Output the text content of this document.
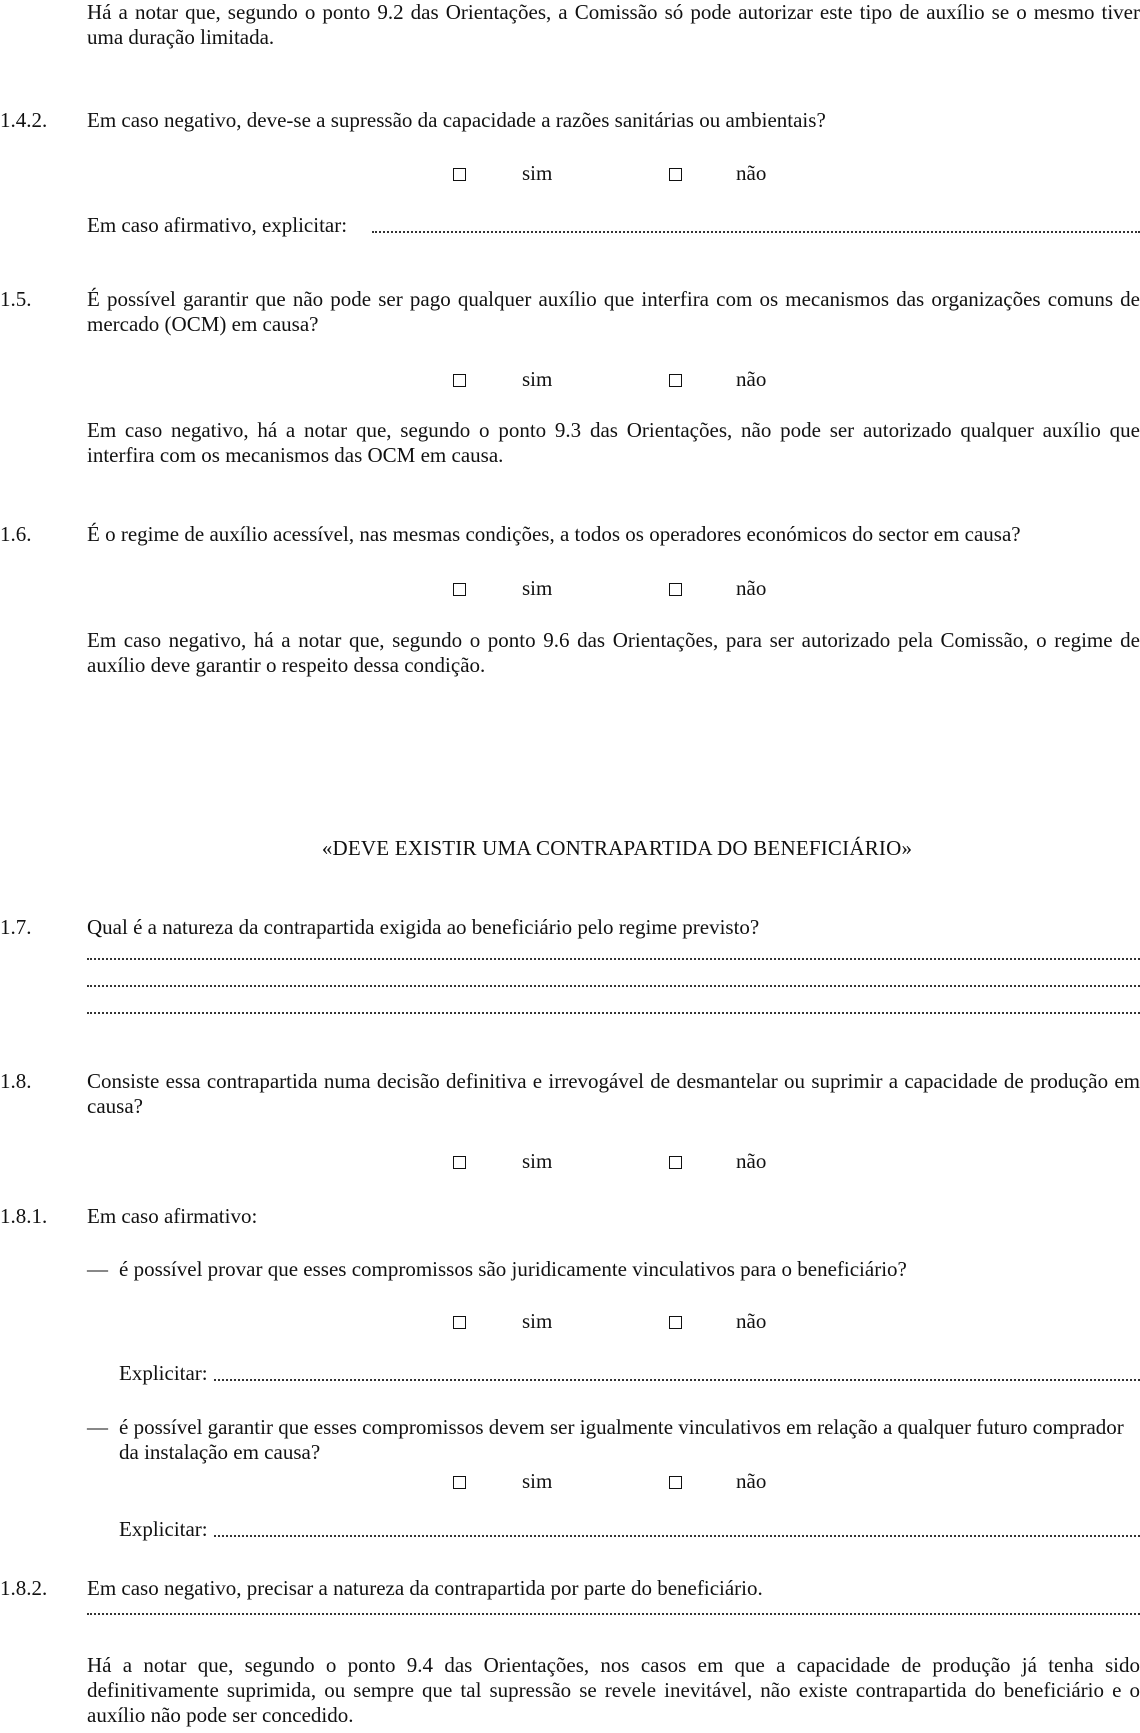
Há a notar que, segundo o ponto 9.2 das Orientações, a Comissão só pode autorizar este tipo de auxílio se o mesmo tiver uma duração limitada.
1.4.2. Em caso negativo, deve-se a supressão da capacidade a razões sanitárias ou ambientais?
sim	não
Em caso afirmativo, explicitar:
1.5.	É possível garantir que não pode ser pago qualquer auxílio que interfira com os mecanismos das organizações comuns de mercado (OCM) em causa?
sim	não
Em caso negativo, há a notar que, segundo o ponto 9.3 das Orientações, não pode ser autorizado qualquer auxílio que interfira com os mecanismos das OCM em causa.
1.6.	É o regime de auxílio acessível, nas mesmas condições, a todos os operadores económicos do sector em causa?
sim	não
Em caso negativo, há a notar que, segundo o ponto 9.6 das Orientações, para ser autorizado pela Comissão, o regime de auxílio deve garantir o respeito dessa condição.
«DEVE EXISTIR UMA CONTRAPARTIDA DO BENEFICIÁRIO»
1.7.	Qual é a natureza da contrapartida exigida ao beneficiário pelo regime previsto?
1.8.	Consiste essa contrapartida numa decisão definitiva e irrevogável de desmantelar ou suprimir a capacidade de produção em causa?
sim	não
1.8.1. Em caso afirmativo:
— é possível provar que esses compromissos são juridicamente vinculativos para o beneficiário?
sim	não
Explicitar:
— é possível garantir que esses compromissos devem ser igualmente vinculativos em relação a qualquer futuro comprador da instalação em causa?
sim	não
Explicitar:
1.8.2. Em caso negativo, precisar a natureza da contrapartida por parte do beneficiário.
Há a notar que, segundo o ponto 9.4 das Orientações, nos casos em que a capacidade de produção já tenha sido definitivamente suprimida, ou sempre que tal supressão se revele inevitável, não existe contrapartida do beneficiário e o auxílio não pode ser concedido.
